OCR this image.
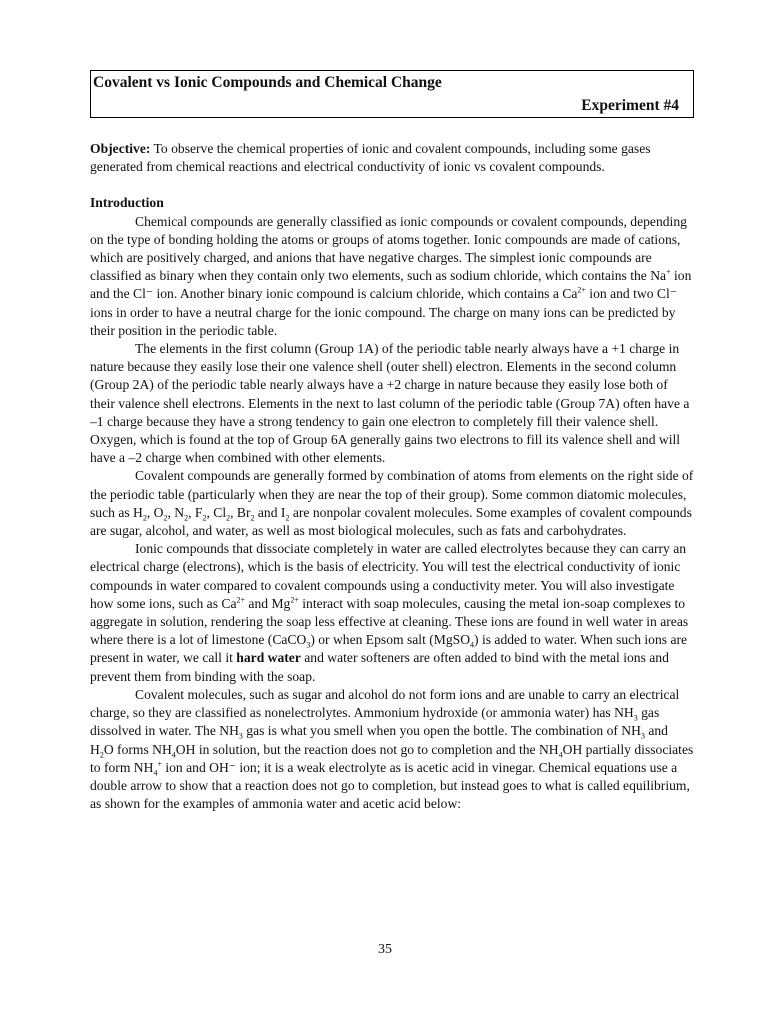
Covalent vs Ionic Compounds and Chemical Change
Experiment #4

Objective: To observe the chemical properties of ionic and covalent compounds, including some gases generated from chemical reactions and electrical conductivity of ionic vs covalent compounds.

Introduction

Chemical compounds are generally classified as ionic compounds or covalent compounds, depending on the type of bonding holding the atoms or groups of atoms together. Ionic compounds are made of cations, which are positively charged, and anions that have negative charges. The simplest ionic compounds are classified as binary when they contain only two elements, such as sodium chloride, which contains the Na+ ion and the Cl⁻ ion. Another binary ionic compound is calcium chloride, which contains a $Ca^{2+}$ ion and two Cl⁻ ions in order to have a neutral charge for the ionic compound. The charge on many ions can be predicted by their position in the periodic table.

The elements in the first column (Group 1A) of the periodic table nearly always have a +1 charge in nature because they easily lose their one valence shell (outer shell) electron. Elements in the second column (Group 2A) of the periodic table nearly always have a +2 charge in nature because they easily lose both of their valence shell electrons. Elements in the next to last column of the periodic table (Group 7A) often have a –1 charge because they have a strong tendency to gain one electron to completely fill their valence shell. Oxygen, which is found at the top of Group 6A generally gains two electrons to fill its valence shell and will have a –2 charge when combined with other elements.

Covalent compounds are generally formed by combination of atoms from elements on the right side of the periodic table (particularly when they are near the top of their group). Some common diatomic molecules, such as $H_2$, $O_2$, $N_2$, $F_2$, $Cl_2$, $Br_2$ and $I_2$ are nonpolar covalent molecules. Some examples of covalent compounds are sugar, alcohol, and water, as well as most biological molecules, such as fats and carbohydrates.

Ionic compounds that dissociate completely in water are called electrolytes because they can carry an electrical charge (electrons), which is the basis of electricity. You will test the electrical conductivity of ionic compounds in water compared to covalent compounds using a conductivity meter. You will also investigate how some ions, such as $Ca^{2+}$ and $Mg^{2+}$ interact with soap molecules, causing the metal ion-soap complexes to aggregate in solution, rendering the soap less effective at cleaning. These ions are found in well water in areas where there is a lot of limestone (CaCO$_3$) or when Epsom salt (MgSO$_4$) is added to water. When such ions are present in water, we call it hard water and water softeners are often added to bind with the metal ions and prevent them from binding with the soap.

Covalent molecules, such as sugar and alcohol do not form ions and are unable to carry an electrical charge, so they are classified as nonelectrolytes. Ammonium hydroxide (or ammonia water) has $NH_3$ gas dissolved in water. The $NH_3$ gas is what you smell when you open the bottle. The combination of $NH_3$ and $H_2O$ forms $NH_4OH$ in solution, but the reaction does not go to completion and the $NH_4OH$ partially dissociates to form $NH_4^+$ ion and OH⁻ ion; it is a weak electrolyte as is acetic acid in vinegar. Chemical equations use a double arrow to show that a reaction does not go to completion, but instead goes to what is called equilibrium, as shown for the examples of ammonia water and acetic acid below:

35
